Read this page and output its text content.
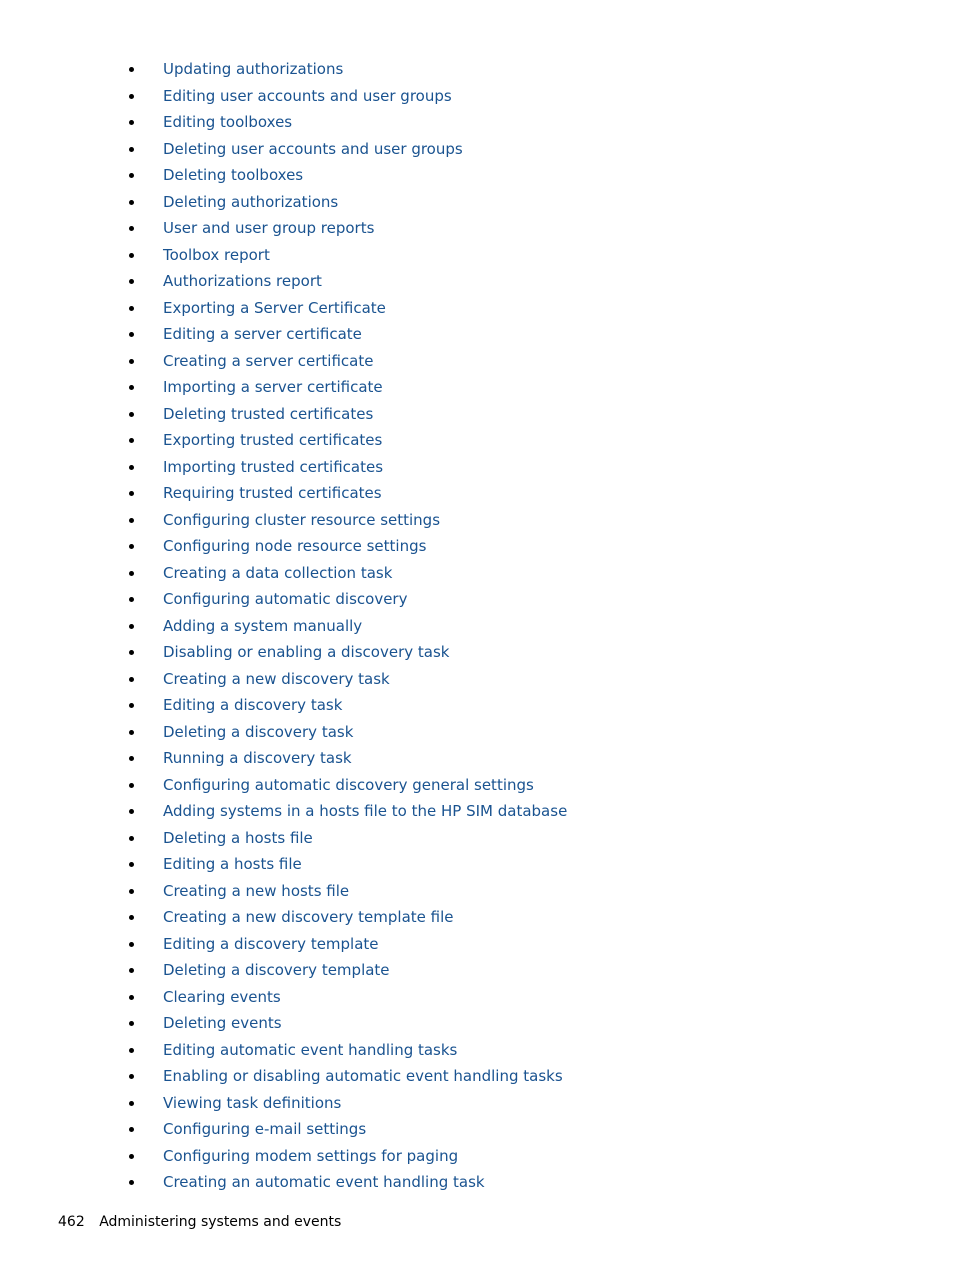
Updating authorizations
Editing user accounts and user groups
Editing toolboxes
Deleting user accounts and user groups
Deleting toolboxes
Deleting authorizations
User and user group reports
Toolbox report
Authorizations report
Exporting a Server Certificate
Editing a server certificate
Creating a server certificate
Importing a server certificate
Deleting trusted certificates
Exporting trusted certificates
Importing trusted certificates
Requiring trusted certificates
Configuring cluster resource settings
Configuring node resource settings
Creating a data collection task
Configuring automatic discovery
Adding a system manually
Disabling or enabling a discovery task
Creating a new discovery task
Editing a discovery task
Deleting a discovery task
Running a discovery task
Configuring automatic discovery general settings
Adding systems in a hosts file to the HP SIM database
Deleting a hosts file
Editing a hosts file
Creating a new hosts file
Creating a new discovery template file
Editing a discovery template
Deleting a discovery template
Clearing events
Deleting events
Editing automatic event handling tasks
Enabling or disabling automatic event handling tasks
Viewing task definitions
Configuring e-mail settings
Configuring modem settings for paging
Creating an automatic event handling task
462 Administering systems and events
